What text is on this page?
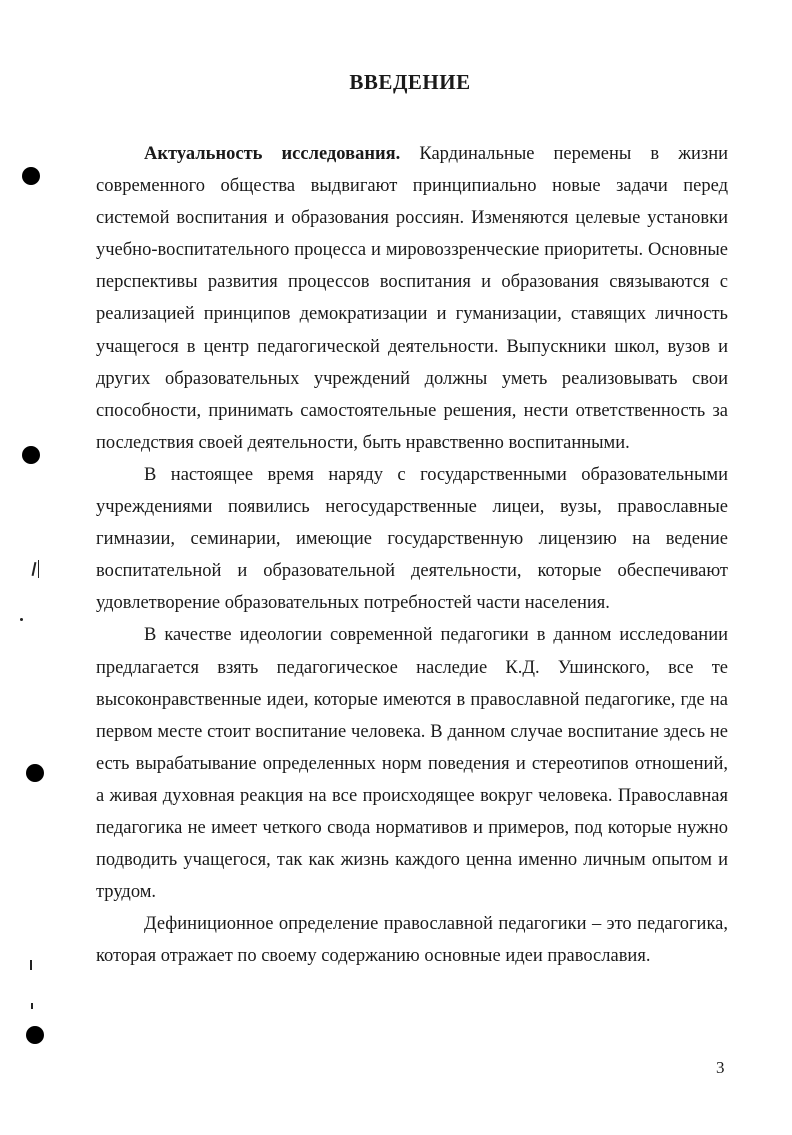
ВВЕДЕНИЕ

Актуальность исследования. Кардинальные перемены в жизни современного общества выдвигают принципиально новые задачи перед системой воспитания и образования россиян. Изменяются целевые установки учебно-воспитательного процесса и мировоззренческие приоритеты. Основные перспективы развития процессов воспитания и образования связываются с реализацией принципов демократизации и гуманизации, ставящих личность учащегося в центр педагогической деятельности. Выпускники школ, вузов и других образовательных учреждений должны уметь реализовывать свои способности, принимать самостоятельные решения, нести ответственность за последствия своей деятельности, быть нравственно воспитанными.

В настоящее время наряду с государственными образовательными учреждениями появились негосударственные лицеи, вузы, православные гимназии, семинарии, имеющие государственную лицензию на ведение воспитательной и образовательной деятельности, которые обеспечивают удовлетворение образовательных потребностей части населения.

В качестве идеологии современной педагогики в данном исследовании предлагается взять педагогическое наследие К.Д. Ушинского, все те высоконравственные идеи, которые имеются в православной педагогике, где на первом месте стоит воспитание человека. В данном случае воспитание здесь не есть вырабатывание определенных норм поведения и стереотипов отношений, а живая духовная реакция на все происходящее вокруг человека. Православная педагогика не имеет четкого свода нормативов и примеров, под которые нужно подводить учащегося, так как жизнь каждого ценна именно личным опытом и трудом.

Дефиниционное определение православной педагогики – это педагогика, которая отражает по своему содержанию основные идеи православия.

3
